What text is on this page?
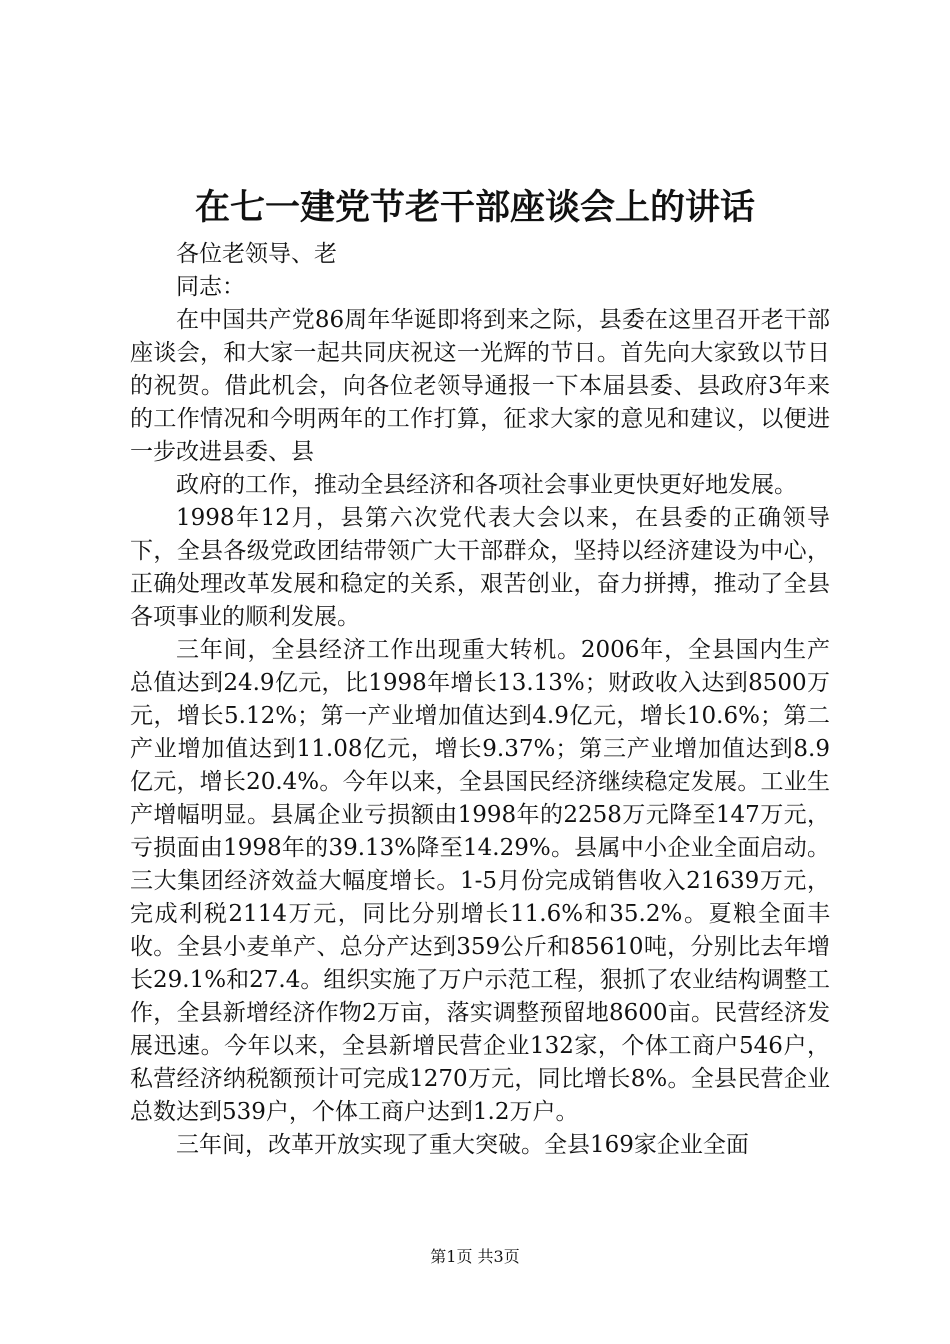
在七一建党节老干部座谈会上的讲话

各位老领导、老

同志：

在中国共产党86周年华诞即将到来之际，县委在这里召开老干部座谈会，和大家一起共同庆祝这一光辉的节日。首先向大家致以节日的祝贺。借此机会，向各位老领导通报一下本届县委、县政府3年来的工作情况和今明两年的工作打算，征求大家的意见和建议，以便进一步改进县委、县

政府的工作，推动全县经济和各项社会事业更快更好地发展。

1998年12月，县第六次党代表大会以来，在县委的正确领导下，全县各级党政团结带领广大干部群众，坚持以经济建设为中心，正确处理改革发展和稳定的关系，艰苦创业，奋力拼搏，推动了全县各项事业的顺利发展。

三年间，全县经济工作出现重大转机。2006年，全县国内生产总值达到24.9亿元，比1998年增长13.13%；财政收入达到8500万元，增长5.12%；第一产业增加值达到4.9亿元，增长10.6%；第二产业增加值达到11.08亿元，增长9.37%；第三产业增加值达到8.9亿元，增长20.4%。今年以来，全县国民经济继续稳定发展。工业生产增幅明显。县属企业亏损额由1998年的2258万元降至147万元，亏损面由1998年的39.13%降至14.29%。县属中小企业全面启动。三大集团经济效益大幅度增长。1-5月份完成销售收入21639万元，完成利税2114万元，同比分别增长11.6%和35.2%。夏粮全面丰收。全县小麦单产、总分产达到359公斤和85610吨，分别比去年增长29.1%和27.4。组织实施了万户示范工程，狠抓了农业结构调整工作，全县新增经济作物2万亩，落实调整预留地8600亩。民营经济发展迅速。今年以来，全县新增民营企业132家，个体工商户546户，私营经济纳税额预计可完成1270万元，同比增长8%。全县民营企业总数达到539户，个体工商户达到1.2万户。

三年间，改革开放实现了重大突破。全县169家企业全面

第1页 共3页
